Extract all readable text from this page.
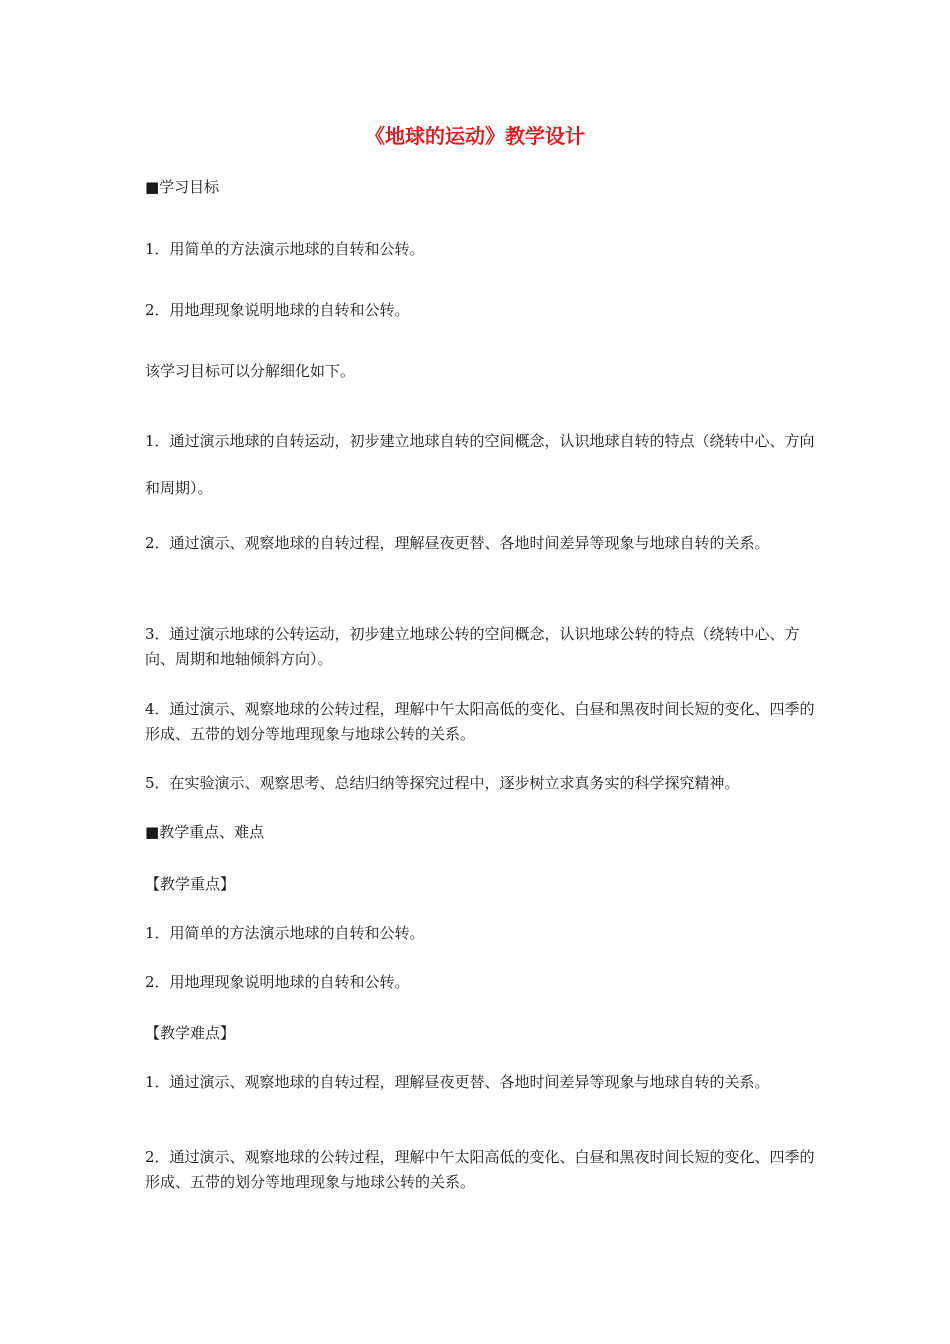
《地球的运动》教学设计
■学习目标
1．用简单的方法演示地球的自转和公转。
2．用地理现象说明地球的自转和公转。
该学习目标可以分解细化如下。
1．通过演示地球的自转运动，初步建立地球自转的空间概念，认识地球自转的特点（绕转中心、方向和周期）。
2．通过演示、观察地球的自转过程，理解昼夜更替、各地时间差异等现象与地球自转的关系。
3．通过演示地球的公转运动，初步建立地球公转的空间概念，认识地球公转的特点（绕转中心、方向、周期和地轴倾斜方向）。
4．通过演示、观察地球的公转过程，理解中午太阳高低的变化、白昼和黑夜时间长短的变化、四季的形成、五带的划分等地理现象与地球公转的关系。
5．在实验演示、观察思考、总结归纳等探究过程中，逐步树立求真务实的科学探究精神。
■教学重点、难点
【教学重点】
1．用简单的方法演示地球的自转和公转。
2．用地理现象说明地球的自转和公转。
【教学难点】
1．通过演示、观察地球的自转过程，理解昼夜更替、各地时间差异等现象与地球自转的关系。
2．通过演示、观察地球的公转过程，理解中午太阳高低的变化、白昼和黑夜时间长短的变化、四季的形成、五带的划分等地理现象与地球公转的关系。
